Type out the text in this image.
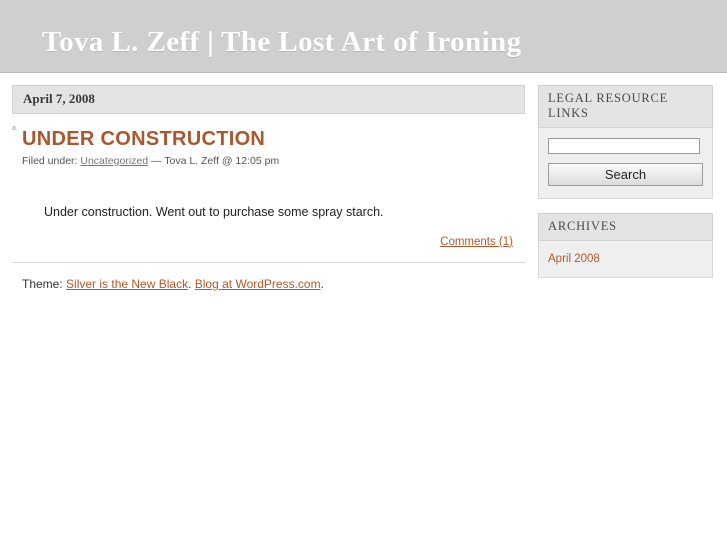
Tova L. Zeff | The Lost Art of Ironing
April 7, 2008
UNDER CONSTRUCTION
Filed under: Uncategorized — Tova L. Zeff @ 12:05 pm
Under construction. Went out to purchase some spray starch.
Comments (1)
Theme: Silver is the New Black. Blog at WordPress.com.
a
LEGAL RESOURCE LINKS
Search
ARCHIVES
April 2008
